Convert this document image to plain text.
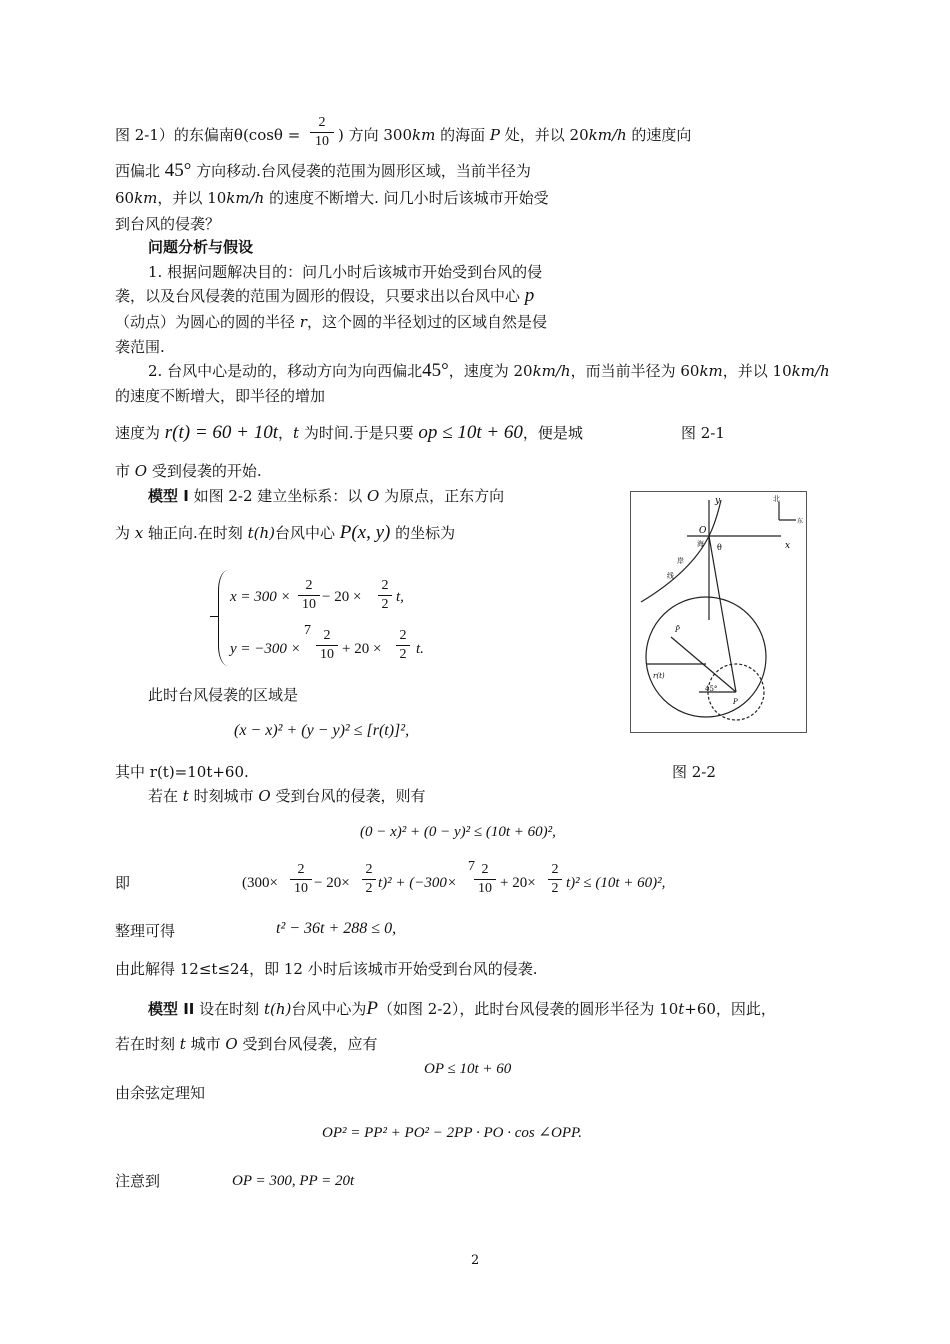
图 2-1）的东偏南θ(cosθ =
2
10 ) 方向 300km 的海面 P 处，并以 20km/h 的速度向
西偏北 45° 方向移动.台风侵袭的范围为圆形区域，当前半径为
60km，并以 10km/h 的速度不断增大. 问几小时后该城市开始受
到台风的侵袭？
问题分析与假设
1. 根据问题解决目的：问几小时后该城市开始受到台风的侵
袭，以及台风侵袭的范围为圆形的假设，只要求出以台风中心 p
（动点）为圆心的圆的半径 r，这个圆的半径划过的区域自然是侵
袭范围.
2. 台风中心是动的，移动方向为向西偏北45°，速度为 20km/h，而当前半径为 60km，并以 10km/h
的速度不断增大，即半径的增加
速度为 r(t) = 60 + 10t，t 为时间.于是只要 op ≤ 10t + 60，便是城	图 2-1
市 O 受到侵袭的开始.
模型 I 如图 2-2 建立坐标系：以 O 为原点，正东方向
为 x 轴正向.在时刻 t(h)台风中心 P(x, y) 的坐标为
x = 300 ×
2
10 − 20 ×
2
2 t,
y = −300 ×
7 2
10 + 20 ×
2
2 t.
此时台风侵袭的区域是
(x − x)² + (y − y)² ≤ [r(t)]²,
其中 r(t)=10t+60.	图 2-2
若在 t 时刻城市 O 受到台风的侵袭，则有
(0 − x)² + (0 − y)² ≤ (10t + 60)²,
即	(300×
2
10 − 20×
2
2 t)² + (−300×
7 2
10 + 20×
2
2 t)² ≤ (10t + 60)²,
整理可得	t² − 36t + 288 ≤ 0,
由此解得 12≤t≤24，即 12 小时后该城市开始受到台风的侵袭.
模型 II 设在时刻 t(h)台风中心为P（如图 2-2），此时台风侵袭的圆形半径为 10t+60，因此，
若在时刻 t 城市 O 受到台风侵袭，应有
OP ≤ 10t + 60
由余弦定理知
OP² = PP² + PO² − 2PP · PO · cos ∠OPP.
注意到	OP = 300, PP = 20t
2
y
x
O
θ
北
东
海
岸
线
r(t)
45°
P
P̄
